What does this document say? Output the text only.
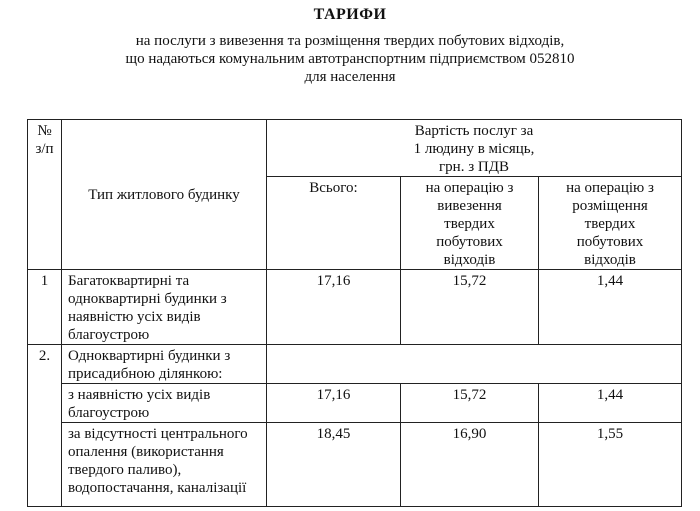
ТАРИФИ
на послуги з вивезення та розміщення твердих побутових відходів,
що надаються комунальним автотранспортним підприємством 052810
для населення
№
з/п	Тип житлового будинку	Вартість послуг за
1 людину в місяць,
грн. з ПДВ		

		Всього:	на операцію з
вивезення
твердих
побутових
відходів	на операцію з
розміщення
твердих
побутових
відходів

1	Багатоквартирні та
одноквартирні будинки з
наявністю усіх видів
благоустрою	17,16	15,72	1,44

2.	Одноквартирні будинки з
присадибною ділянкою:			

	з наявністю усіх видів
благоустрою	17,16	15,72	1,44

	за відсутності центрального
опалення (використання
твердого паливо),
водопостачання, каналізації	18,45	16,90	1,55
